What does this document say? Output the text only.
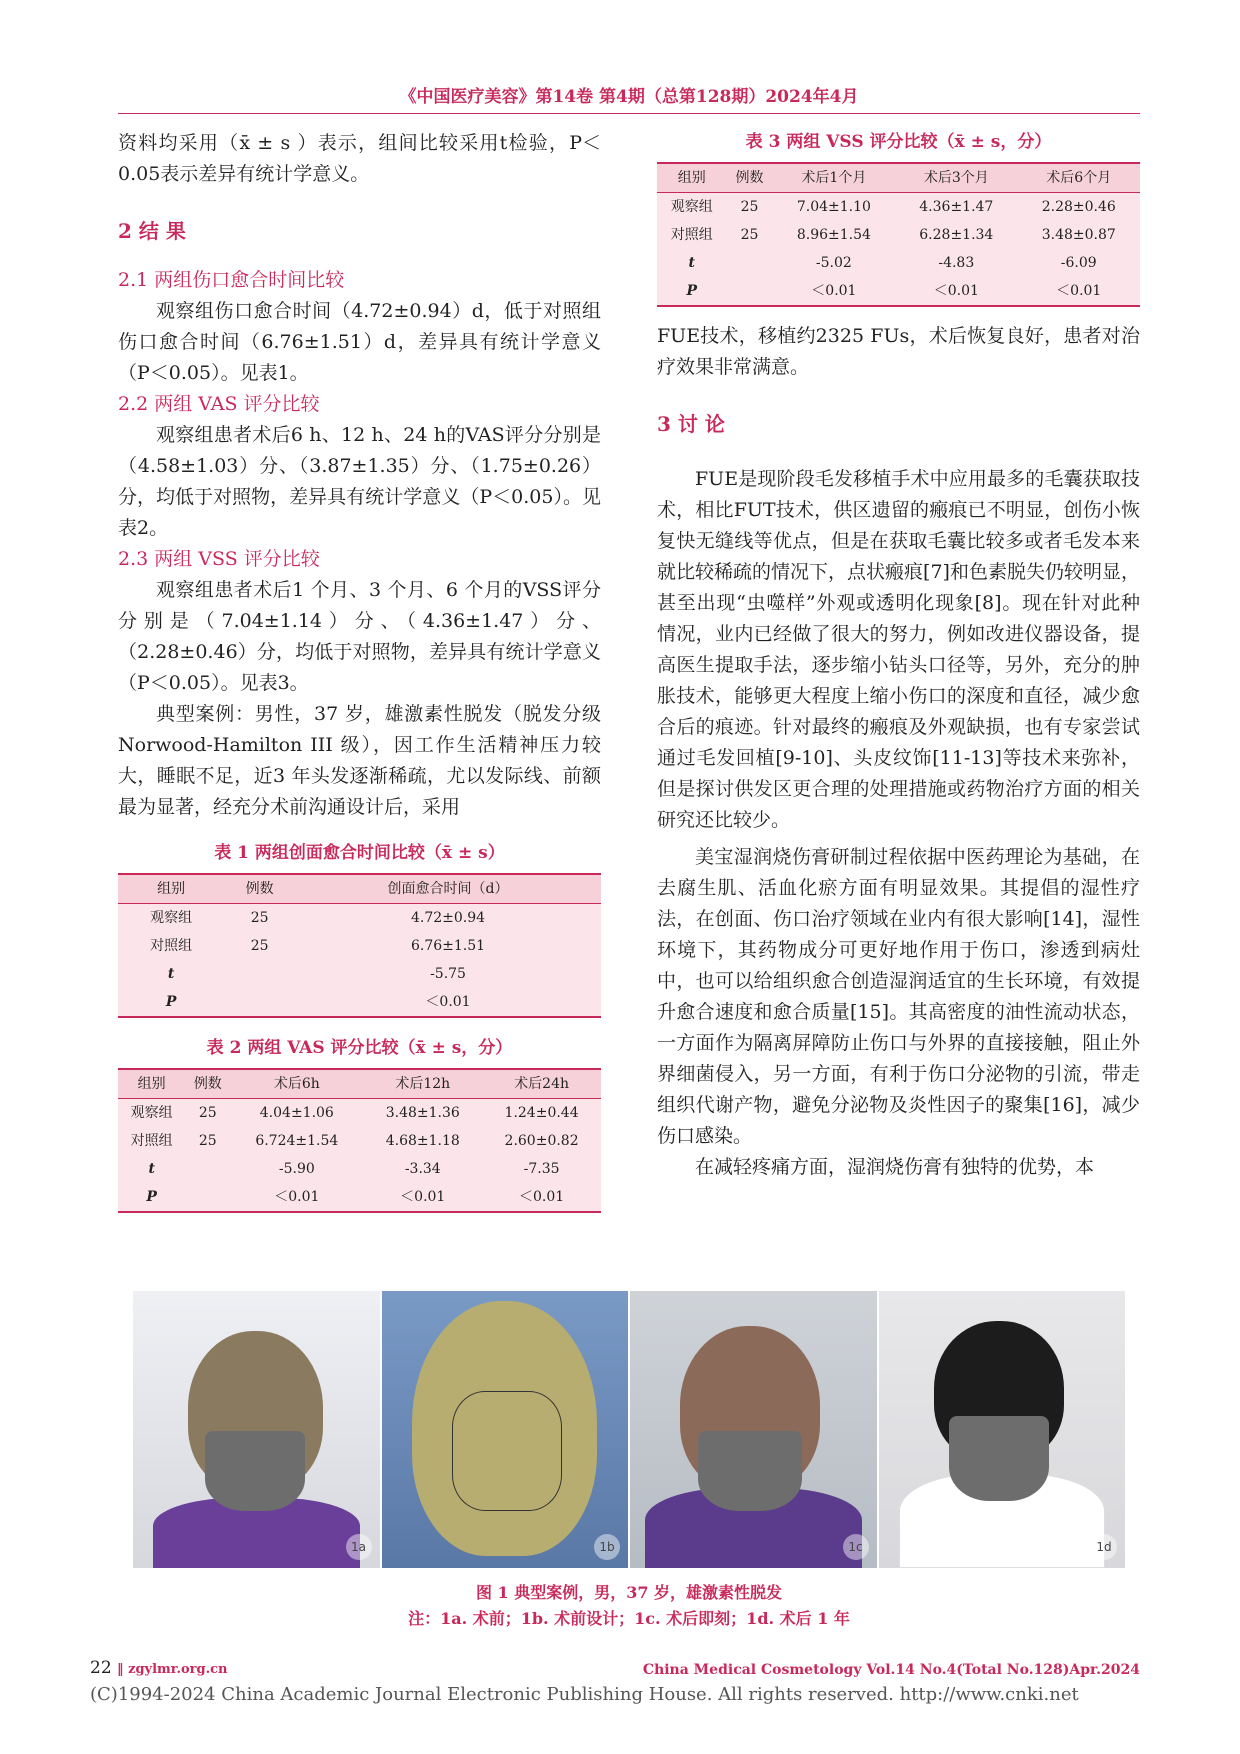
《中国医疗美容》第14卷 第4期（总第128期）2024年4月

资料均采用（x̄ ± s ）表示，组间比较采用t检验，P＜0.05表示差异有统计学意义。

2 结 果
2.1 两组伤口愈合时间比较

观察组伤口愈合时间（4.72±0.94）d，低于对照组伤口愈合时间（6.76±1.51）d，差异具有统计学意义（P＜0.05）。见表1。

2.2 两组 VAS 评分比较

观察组患者术后6 h、12 h、24 h的VAS评分分别是（4.58±1.03）分、（3.87±1.35）分、（1.75±0.26）分，均低于对照物，差异具有统计学意义（P＜0.05）。见表2。

2.3 两组 VSS 评分比较

观察组患者术后1 个月、3 个月、6 个月的VSS评分分别是（7.04±1.14）分、（4.36±1.47）分、（2.28±0.46）分，均低于对照物，差异具有统计学意义（P＜0.05）。见表3。

典型案例：男性，37 岁，雄激素性脱发（脱发分级Norwood-Hamilton III 级），因工作生活精神压力较大，睡眠不足，近3 年头发逐渐稀疏，尤以发际线、前额最为显著，经充分术前沟通设计后，采用

表 1 两组创面愈合时间比较（x̄ ± s）
组别	例数	创面愈合时间（d）
观察组	25	4.72±0.94
对照组	25	6.76±1.51
t		-5.75
P		＜0.01
表 2 两组 VAS 评分比较（x̄ ± s，分）
组别	例数	术后6h	术后12h	术后24h
观察组	25	4.04±1.06	3.48±1.36	1.24±0.44
对照组	25	6.724±1.54	4.68±1.18	2.60±0.82
t		-5.90	-3.34	-7.35
P		＜0.01	＜0.01	＜0.01
表 3 两组 VSS 评分比较（x̄ ± s，分）
组别	例数	术后1个月	术后3个月	术后6个月
观察组	25	7.04±1.10	4.36±1.47	2.28±0.46
对照组	25	8.96±1.54	6.28±1.34	3.48±0.87
t		-5.02	-4.83	-6.09
P		＜0.01	＜0.01	＜0.01

FUE技术，移植约2325 FUs，术后恢复良好，患者对治疗效果非常满意。

3 讨 论

FUE是现阶段毛发移植手术中应用最多的毛囊获取技术，相比FUT技术，供区遗留的瘢痕已不明显，创伤小恢复快无缝线等优点，但是在获取毛囊比较多或者毛发本来就比较稀疏的情况下，点状瘢痕[7]和色素脱失仍较明显，甚至出现“虫噬样”外观或透明化现象[8]。现在针对此种情况，业内已经做了很大的努力，例如改进仪器设备，提高医生提取手法，逐步缩小钻头口径等，另外，充分的肿胀技术，能够更大程度上缩小伤口的深度和直径，减少愈合后的痕迹。针对最终的瘢痕及外观缺损，也有专家尝试通过毛发回植[9-10]、头皮纹饰[11-13]等技术来弥补，但是探讨供发区更合理的处理措施或药物治疗方面的相关研究还比较少。

美宝湿润烧伤膏研制过程依据中医药理论为基础，在去腐生肌、活血化瘀方面有明显效果。其提倡的湿性疗法，在创面、伤口治疗领域在业内有很大影响[14]，湿性环境下，其药物成分可更好地作用于伤口，渗透到病灶中，也可以给组织愈合创造湿润适宜的生长环境，有效提升愈合速度和愈合质量[15]。其高密度的油性流动状态，一方面作为隔离屏障防止伤口与外界的直接接触，阻止外界细菌侵入，另一方面，有利于伤口分泌物的引流，带走组织代谢产物，避免分泌物及炎性因子的聚集[16]，减少伤口感染。

在减轻疼痛方面，湿润烧伤膏有独特的优势，本

1a	1b	1c	1d
图 1 典型案例，男，37 岁，雄激素性脱发
注：1a. 术前；1b. 术前设计；1c. 术后即刻；1d. 术后 1 年
22 ‖ zgylmr.org.cn	China Medical Cosmetology Vol.14 No.4(Total No.128)Apr.2024
(C)1994-2024 China Academic Journal Electronic Publishing House. All rights reserved. http://www.cnki.net
